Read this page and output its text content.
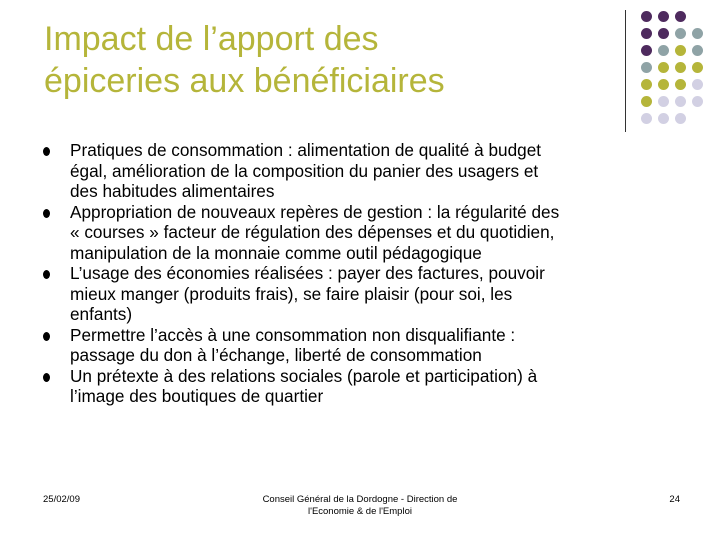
Impact de l’apport des
épiceries aux bénéficiaires
Pratiques de consommation : alimentation de qualité à budget
égal, amélioration de la composition du panier des usagers et
des habitudes alimentaires
Appropriation de nouveaux repères de gestion : la régularité des
« courses » facteur de régulation des dépenses et du quotidien,
manipulation de la monnaie comme outil pédagogique
L’usage des économies réalisées : payer des factures, pouvoir
mieux manger (produits frais), se faire plaisir (pour soi, les
enfants)
Permettre l’accès à une consommation non disqualifiante :
passage du don à l’échange, liberté de consommation
Un prétexte à des relations sociales (parole et participation) à
l’image des boutiques de quartier
25/02/09	Conseil Général de la Dordogne - Direction de
l'Economie & de l'Emploi
24
